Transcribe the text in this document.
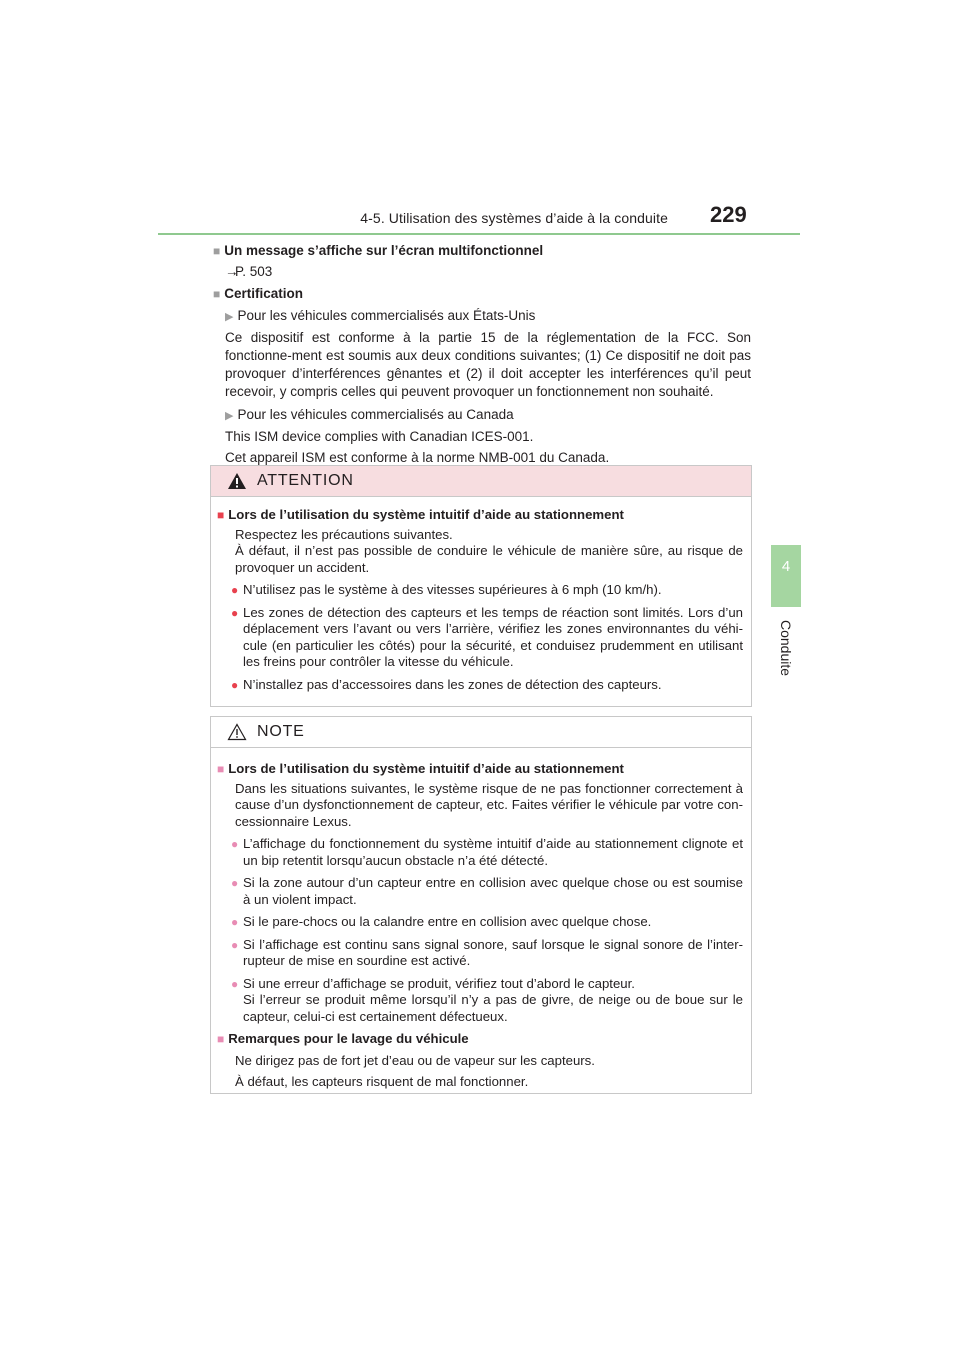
4-5. Utilisation des systèmes d’aide à la conduite 229
4
Conduite
■ Un message s’affiche sur l’écran multifonctionnel

→P. 503

■ Certification

▶ Pour les véhicules commercialisés aux États-Unis

Ce dispositif est conforme à la partie 15 de la réglementation de la FCC. Son fonctionne-ment est soumis aux deux conditions suivantes; (1) Ce dispositif ne doit pas provoquer d’interférences gênantes et (2) il doit accepter les interférences qu’il peut recevoir, y compris celles qui peuvent provoquer un fonctionnement non souhaité.

▶ Pour les véhicules commercialisés au Canada

This ISM device complies with Canadian ICES-001.

Cet appareil ISM est conforme à la norme NMB-001 du Canada.

ATTENTION
■ Lors de l’utilisation du système intuitif d’aide au stationnement

Respectez les précautions suivantes.

À défaut, il n’est pas possible de conduire le véhicule de manière sûre, au risque de provoquer un accident.

● N’utilisez pas le système à des vitesses supérieures à 6 mph (10 km/h).
● Les zones de détection des capteurs et les temps de réaction sont limités. Lors d’un déplacement vers l’avant ou vers l’arrière, vérifiez les zones environnantes du véhi-cule (en particulier les côtés) pour la sécurité, et conduisez prudemment en utilisant les freins pour contrôler la vitesse du véhicule.
● N’installez pas d’accessoires dans les zones de détection des capteurs.
NOTE
■ Lors de l’utilisation du système intuitif d’aide au stationnement

Dans les situations suivantes, le système risque de ne pas fonctionner correctement à cause d’un dysfonctionnement de capteur, etc. Faites vérifier le véhicule par votre con-cessionnaire Lexus.

● L’affichage du fonctionnement du système intuitif d’aide au stationnement clignote et un bip retentit lorsqu’aucun obstacle n’a été détecté.
● Si la zone autour d’un capteur entre en collision avec quelque chose ou est soumise à un violent impact.
● Si le pare-chocs ou la calandre entre en collision avec quelque chose.
● Si l’affichage est continu sans signal sonore, sauf lorsque le signal sonore de l’inter-rupteur de mise en sourdine est activé.
● Si une erreur d’affichage se produit, vérifiez tout d’abord le capteur.
Si l’erreur se produit même lorsqu’il n’y a pas de givre, de neige ou de boue sur le capteur, celui-ci est certainement défectueux.
■ Remarques pour le lavage du véhicule

Ne dirigez pas de fort jet d’eau ou de vapeur sur les capteurs.

À défaut, les capteurs risquent de mal fonctionner.
